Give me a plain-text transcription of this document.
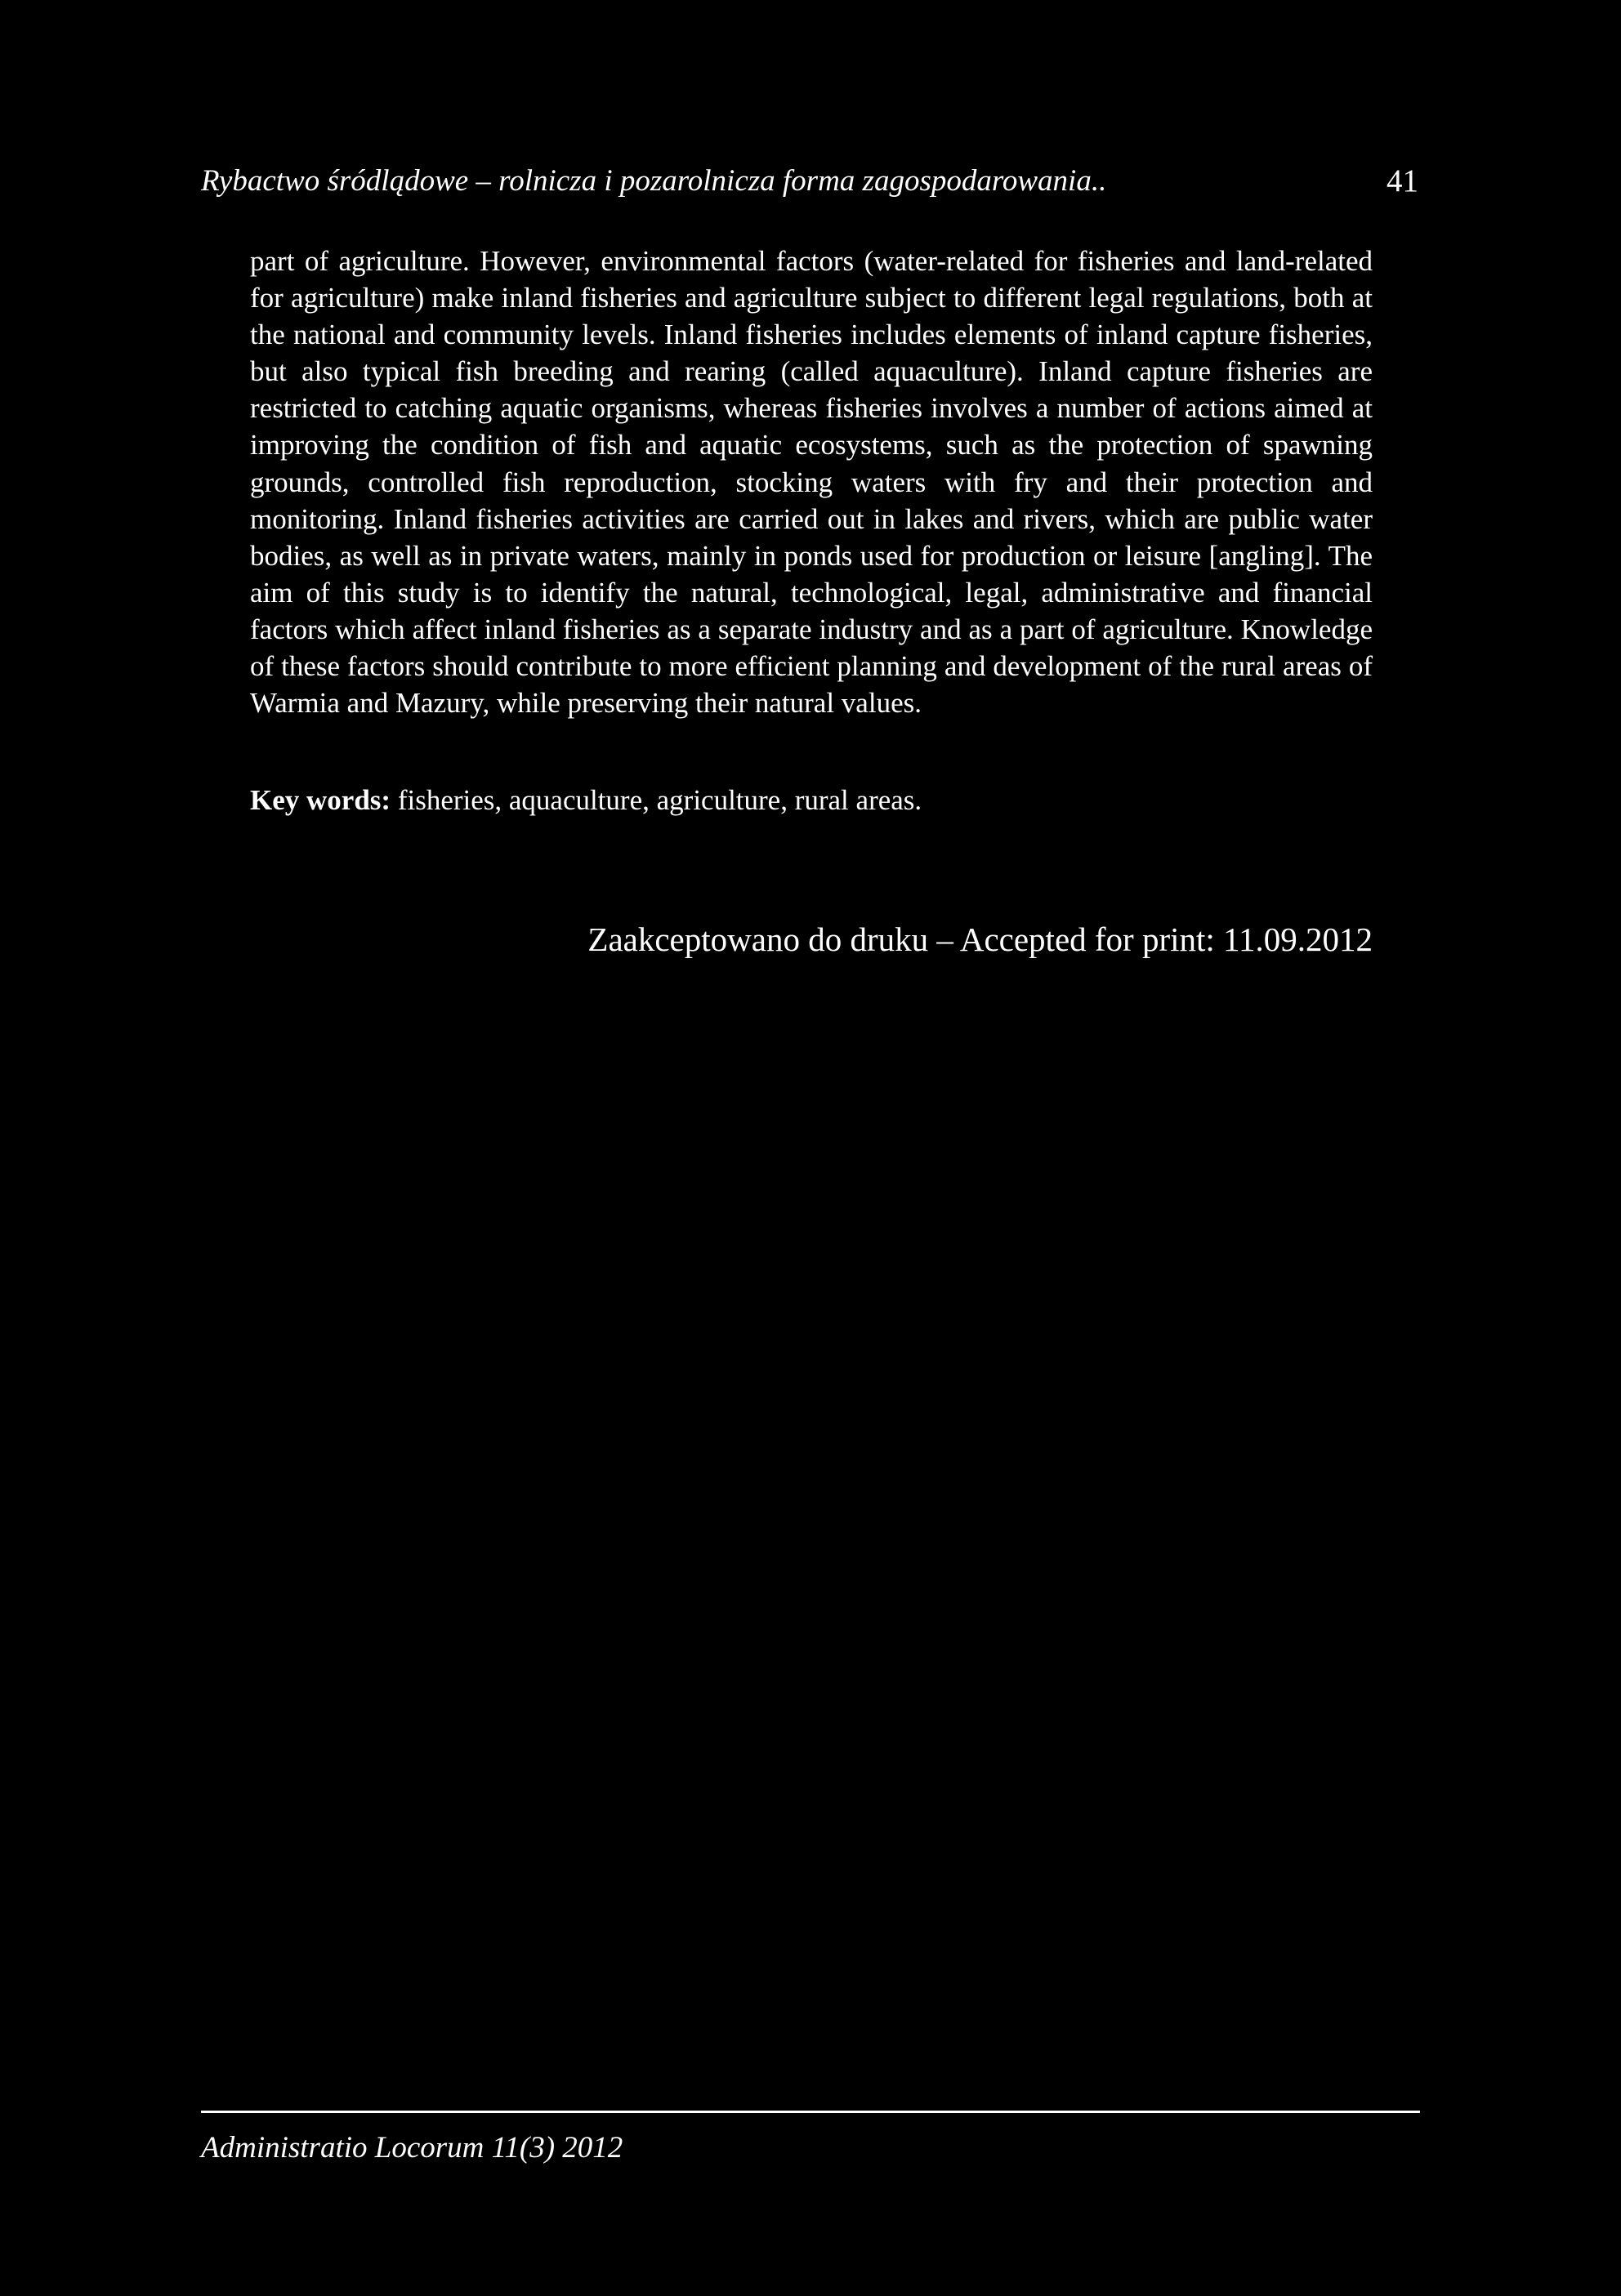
Rybactwo śródlądowe – rolnicza i pozarolnicza forma zagospodarowania..	41

part of agriculture. However, environmental factors (water-related for fisheries and land-related for agriculture) make inland fisheries and agriculture subject to different legal regulations, both at the national and community levels. Inland fisheries includes elements of inland capture fisheries, but also typical fish breeding and rearing (called aquaculture). Inland capture fisheries are restricted to catching aquatic organisms, whereas fisheries involves a number of actions aimed at improving the condition of fish and aquatic ecosystems, such as the protection of spawning grounds, controlled fish reproduction, stocking waters with fry and their protection and monitoring. Inland fisheries activities are carried out in lakes and rivers, which are public water bodies, as well as in private waters, mainly in ponds used for production or leisure [angling]. The aim of this study is to identify the natural, technological, legal, administrative and financial factors which affect inland fisheries as a separate industry and as a part of agriculture. Knowledge of these factors should contribute to more efficient planning and development of the rural areas of Warmia and Mazury, while preserving their natural values.

Key words: fisheries, aquaculture, agriculture, rural areas.

Zaakceptowano do druku – Accepted for print: 11.09.2012
Administratio Locorum 11(3) 2012
